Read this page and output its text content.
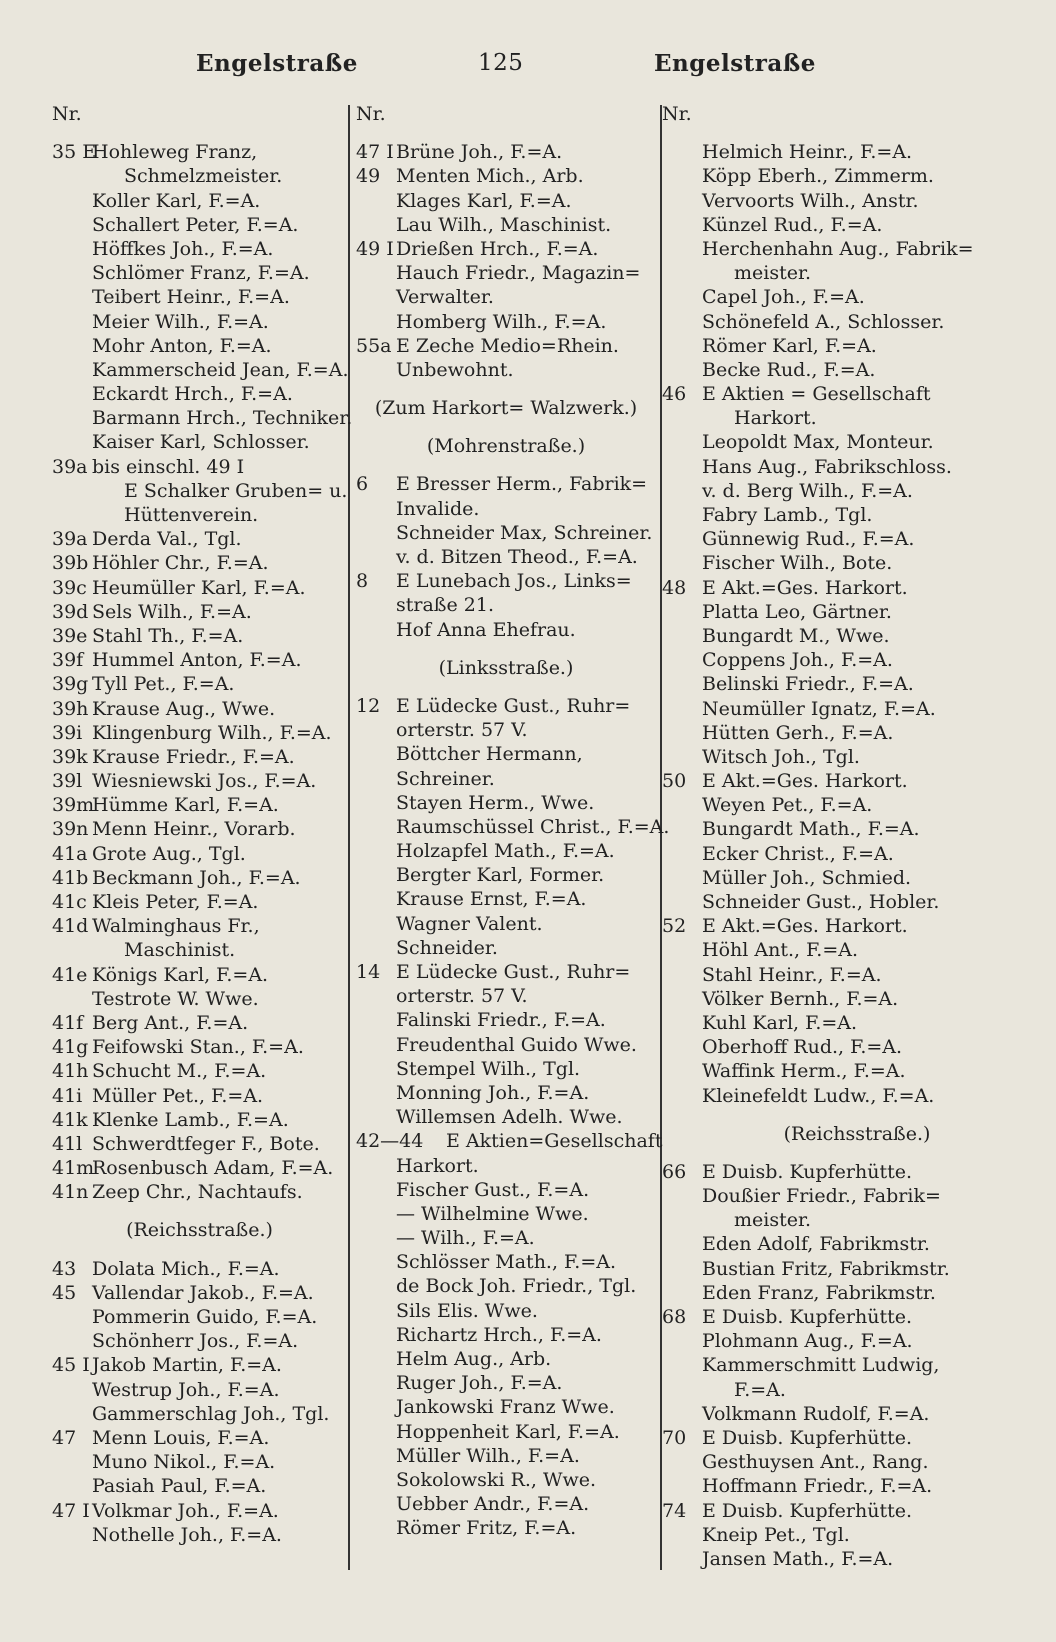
Engelstraße	125	Engelstraße
Nr.
35 EHohleweg Franz,
Schmelzmeister.
Koller Karl, F.=A.
Schallert Peter, F.=A.
Höffkes Joh., F.=A.
Schlömer Franz, F.=A.
Teibert Heinr., F.=A.
Meier Wilh., F.=A.
Mohr Anton, F.=A.
Kammerscheid Jean, F.=A.
Eckardt Hrch., F.=A.
Barmann Hrch., Techniker.
Kaiser Karl, Schlosser.
39a bis einschl. 49 I
E Schalker Gruben= u.
Hüttenverein.
39a Derda Val., Tgl.
39b Höhler Chr., F.=A.
39c Heumüller Karl, F.=A.
39d Sels Wilh., F.=A.
39e Stahl Th., F.=A.
39f Hummel Anton, F.=A.
39g Tyll Pet., F.=A.
39h Krause Aug., Wwe.
39i Klingenburg Wilh., F.=A.
39k Krause Friedr., F.=A.
39l Wiesniewski Jos., F.=A.
39mHümme Karl, F.=A.
39n Menn Heinr., Vorarb.
41a Grote Aug., Tgl.
41b Beckmann Joh., F.=A.
41c Kleis Peter, F.=A.
41d Walminghaus Fr.,
Maschinist.
41e Königs Karl, F.=A.
Testrote W. Wwe.
41f Berg Ant., F.=A.
41g Feifowski Stan., F.=A.
41h Schucht M., F.=A.
41i Müller Pet., F.=A.
41k Klenke Lamb., F.=A.
41l Schwerdtfeger F., Bote.
41mRosenbusch Adam, F.=A.
41n Zeep Chr., Nachtaufs.
(Reichsstraße.)
43 Dolata Mich., F.=A.
45 Vallendar Jakob., F.=A.
Pommerin Guido, F.=A.
Schönherr Jos., F.=A.
45 I Jakob Martin, F.=A.
Westrup Joh., F.=A.
Gammerschlag Joh., Tgl.
47 Menn Louis, F.=A.
Muno Nikol., F.=A.
Pasiah Paul, F.=A.
47 I Volkmar Joh., F.=A.
Nothelle Joh., F.=A.
Nr.
47 I Brüne Joh., F.=A.
49 Menten Mich., Arb.
Klages Karl, F.=A.
Lau Wilh., Maschinist.
49 I Drießen Hrch., F.=A.
Hauch Friedr., Magazin=
Verwalter.
Homberg Wilh., F.=A.
55a E Zeche Medio=Rhein.
Unbewohnt.
(Zum Harkort= Walzwerk.)
(Mohrenstraße.)
6 E Bresser Herm., Fabrik=
Invalide.
Schneider Max, Schreiner.
v. d. Bitzen Theod., F.=A.
8 E Lunebach Jos., Links=
straße 21.
Hof Anna Ehefrau.
(Linksstraße.)
12 E Lüdecke Gust., Ruhr=
orterstr. 57 V.
Böttcher Hermann,
Schreiner.
Stayen Herm., Wwe.
Raumschüssel Christ., F.=A.
Holzapfel Math., F.=A.
Bergter Karl, Former.
Krause Ernst, F.=A.
Wagner Valent.
Schneider.
14 E Lüdecke Gust., Ruhr=
orterstr. 57 V.
Falinski Friedr., F.=A.
Freudenthal Guido Wwe.
Stempel Wilh., Tgl.
Monning Joh., F.=A.
Willemsen Adelh. Wwe.
42—44 E Aktien=Gesellschaft
Harkort.
Fischer Gust., F.=A.
— Wilhelmine Wwe.
— Wilh., F.=A.
Schlösser Math., F.=A.
de Bock Joh. Friedr., Tgl.
Sils Elis. Wwe.
Richartz Hrch., F.=A.
Helm Aug., Arb.
Ruger Joh., F.=A.
Jankowski Franz Wwe.
Hoppenheit Karl, F.=A.
Müller Wilh., F.=A.
Sokolowski R., Wwe.
Uebber Andr., F.=A.
Römer Fritz, F.=A.
Nr.
Helmich Heinr., F.=A.
Köpp Eberh., Zimmerm.
Vervoorts Wilh., Anstr.
Künzel Rud., F.=A.
Herchenhahn Aug., Fabrik=
meister.
Capel Joh., F.=A.
Schönefeld A., Schlosser.
Römer Karl, F.=A.
Becke Rud., F.=A.
46 E Aktien = Gesellschaft
Harkort.
Leopoldt Max, Monteur.
Hans Aug., Fabrikschloss.
v. d. Berg Wilh., F.=A.
Fabry Lamb., Tgl.
Günnewig Rud., F.=A.
Fischer Wilh., Bote.
48 E Akt.=Ges. Harkort.
Platta Leo, Gärtner.
Bungardt M., Wwe.
Coppens Joh., F.=A.
Belinski Friedr., F.=A.
Neumüller Ignatz, F.=A.
Hütten Gerh., F.=A.
Witsch Joh., Tgl.
50 E Akt.=Ges. Harkort.
Weyen Pet., F.=A.
Bungardt Math., F.=A.
Ecker Christ., F.=A.
Müller Joh., Schmied.
Schneider Gust., Hobler.
52 E Akt.=Ges. Harkort.
Höhl Ant., F.=A.
Stahl Heinr., F.=A.
Völker Bernh., F.=A.
Kuhl Karl, F.=A.
Oberhoff Rud., F.=A.
Waffink Herm., F.=A.
Kleinefeldt Ludw., F.=A.
(Reichsstraße.)
66 E Duisb. Kupferhütte.
Doußier Friedr., Fabrik=
meister.
Eden Adolf, Fabrikmstr.
Bustian Fritz, Fabrikmstr.
Eden Franz, Fabrikmstr.
68 E Duisb. Kupferhütte.
Plohmann Aug., F.=A.
Kammerschmitt Ludwig,
F.=A.
Volkmann Rudolf, F.=A.
70 E Duisb. Kupferhütte.
Gesthuysen Ant., Rang.
Hoffmann Friedr., F.=A.
74 E Duisb. Kupferhütte.
Kneip Pet., Tgl.
Jansen Math., F.=A.
